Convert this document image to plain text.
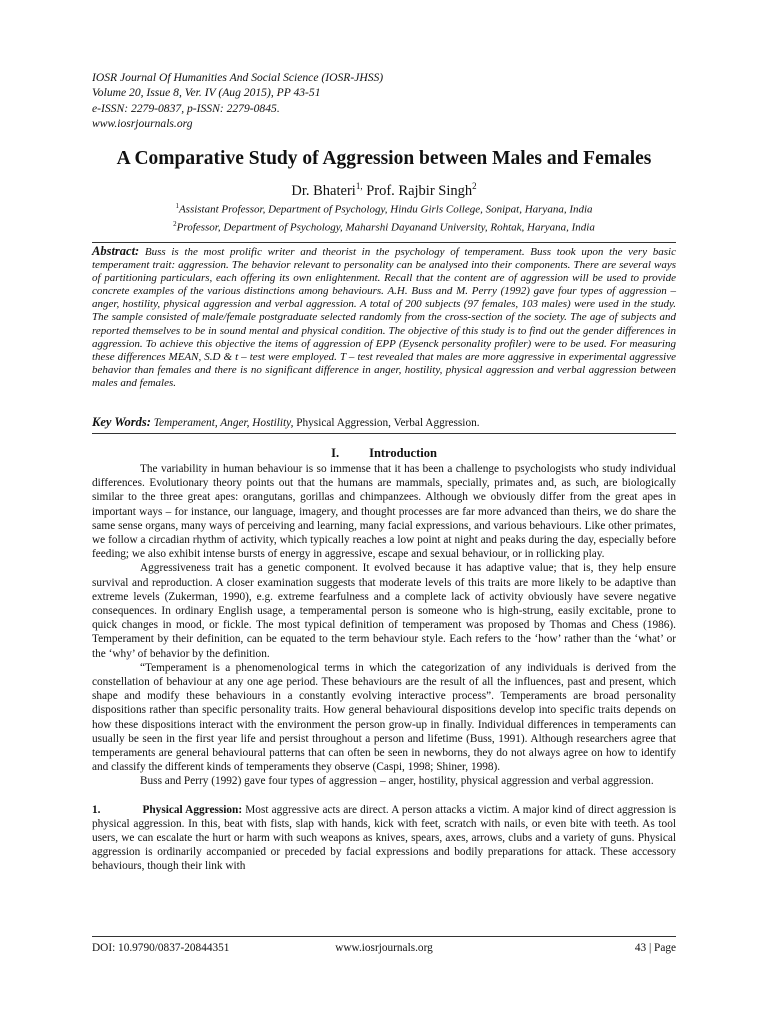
IOSR Journal Of Humanities And Social Science (IOSR-JHSS)
Volume 20, Issue 8, Ver. IV (Aug 2015), PP 43-51
e-ISSN: 2279-0837, p-ISSN: 2279-0845.
www.iosrjournals.org
A Comparative Study of Aggression between Males and Females
Dr. Bhateri$^{1,}$ Prof. Rajbir Singh$^2$
$^1$Assistant Professor, Department of Psychology, Hindu Girls College, Sonipat, Haryana, India
$^2$Professor, Department of Psychology, Maharshi Dayanand University, Rohtak, Haryana, India
Abstract: Buss is the most prolific writer and theorist in the psychology of temperament. Buss took upon the very basic temperament trait: aggression. The behavior relevant to personality can be analysed into their components. There are several ways of partitioning particulars, each offering its own enlightenment. Recall that the content are of aggression will be used to provide concrete examples of the various distinctions among behaviours. A.H. Buss and M. Perry (1992) gave four types of aggression – anger, hostility, physical aggression and verbal aggression. A total of 200 subjects (97 females, 103 males) were used in the study. The sample consisted of male/female postgraduate selected randomly from the cross-section of the society. The age of subjects and reported themselves to be in sound mental and physical condition. The objective of this study is to find out the gender differences in aggression. To achieve this objective the items of aggression of EPP (Eysenck personality profiler) were to be used. For measuring these differences MEAN, S.D & t – test were employed. T – test revealed that males are more aggressive in experimental aggressive behavior than females and there is no significant difference in anger, hostility, physical aggression and verbal aggression between males and females.
Key Words: Temperament, Anger, Hostility, Physical Aggression, Verbal Aggression.
I. Introduction

The variability in human behaviour is so immense that it has been a challenge to psychologists who study individual differences. Evolutionary theory points out that the humans are mammals, specially, primates and, as such, are biologically similar to the three great apes: orangutans, gorillas and chimpanzees. Although we obviously differ from the great apes in important ways – for instance, our language, imagery, and thought processes are far more advanced than theirs, we do share the same sense organs, many ways of perceiving and learning, many facial expressions, and various behaviours. Like other primates, we follow a circadian rhythm of activity, which typically reaches a low point at night and peaks during the day, especially before feeding; we also exhibit intense bursts of energy in aggressive, escape and sexual behaviour, or in rollicking play.

Aggressiveness trait has a genetic component. It evolved because it has adaptive value; that is, they help ensure survival and reproduction. A closer examination suggests that moderate levels of this traits are more likely to be adaptive than extreme levels (Zukerman, 1990), e.g. extreme fearfulness and a complete lack of activity obviously have severe negative consequences. In ordinary English usage, a temperamental person is someone who is high-strung, easily excitable, prone to quick changes in mood, or fickle. The most typical definition of temperament was proposed by Thomas and Chess (1986). Temperament by their definition, can be equated to the term behaviour style. Each refers to the ‘how’ rather than the ‘what’ or the ‘why’ of behavior by the definition.

“Temperament is a phenomenological terms in which the categorization of any individuals is derived from the constellation of behaviour at any one age period. These behaviours are the result of all the influences, past and present, which shape and modify these behaviours in a constantly evolving interactive process”. Temperaments are broad personality dispositions rather than specific personality traits. How general behavioural dispositions develop into specific traits depends on how these dispositions interact with the environment the person grow-up in finally. Individual differences in temperaments can usually be seen in the first year life and persist throughout a person and lifetime (Buss, 1991). Although researchers agree that temperaments are general behavioural patterns that can often be seen in newborns, they do not always agree on how to identify and classify the different kinds of temperaments they observe (Caspi, 1998; Shiner, 1998).

Buss and Perry (1992) gave four types of aggression – anger, hostility, physical aggression and verbal aggression.

1.	Physical Aggression: Most aggressive acts are direct. A person attacks a victim. A major kind of direct aggression is physical aggression. In this, beat with fists, slap with hands, kick with feet, scratch with nails, or even bite with teeth. As tool users, we can escalate the hurt or harm with such weapons as knives, spears, axes, arrows, clubs and a variety of guns. Physical aggression is ordinarily accompanied or preceded by facial expressions and bodily preparations for attack. These accessory behaviours, though their link with

DOI: 10.9790/0837-20844351	www.iosrjournals.org	43 | Page
